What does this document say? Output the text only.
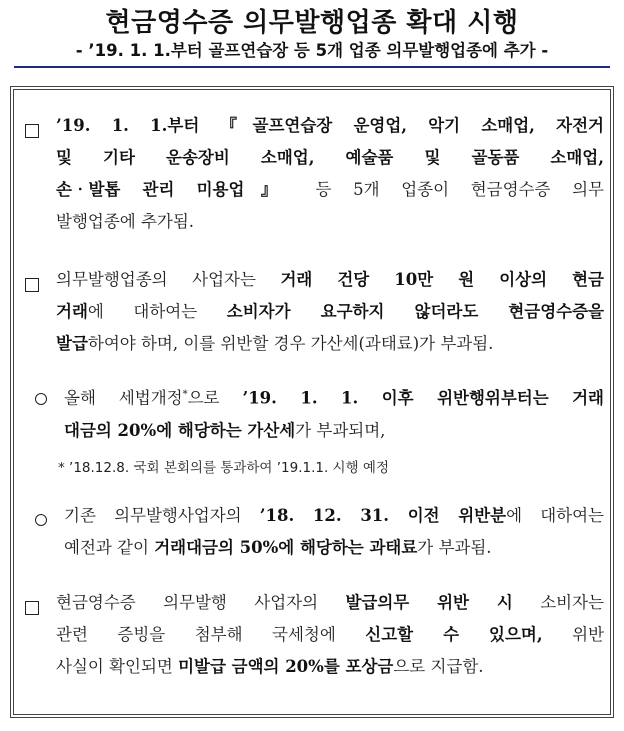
현금영수증 의무발행업종 확대 시행
- ’19. 1. 1.부터 골프연습장 등 5개 업종 의무발행업종에 추가 -
’19. 1. 1.부터 『골프연습장 운영업, 악기 소매업, 자전거
및 기타 운송장비 소매업, 예술품 및 골동품 소매업,
손‧발톱 관리 미용업』 등 5개 업종이 현금영수증 의무
발행업종에 추가됨.
의무발행업종의 사업자는 거래 건당 10만 원 이상의 현금
거래에 대하여는 소비자가 요구하지 않더라도 현금영수증을
발급하여야 하며, 이를 위반할 경우 가산세(과태료)가 부과됨.
올해 세법개정*으로 ’19. 1. 1. 이후 위반행위부터는 거래
대금의 20%에 해당하는 가산세가 부과되며,
* ’18.12.8. 국회 본회의를 통과하여 ’19.1.1. 시행 예정
기존 의무발행사업자의 ’18. 12. 31. 이전 위반분에 대하여는
예전과 같이 거래대금의 50%에 해당하는 과태료가 부과됨.
현금영수증 의무발행 사업자의 발급의무 위반 시 소비자는
관련 증빙을 첨부해 국세청에 신고할 수 있으며, 위반
사실이 확인되면 미발급 금액의 20%를 포상금으로 지급함.
